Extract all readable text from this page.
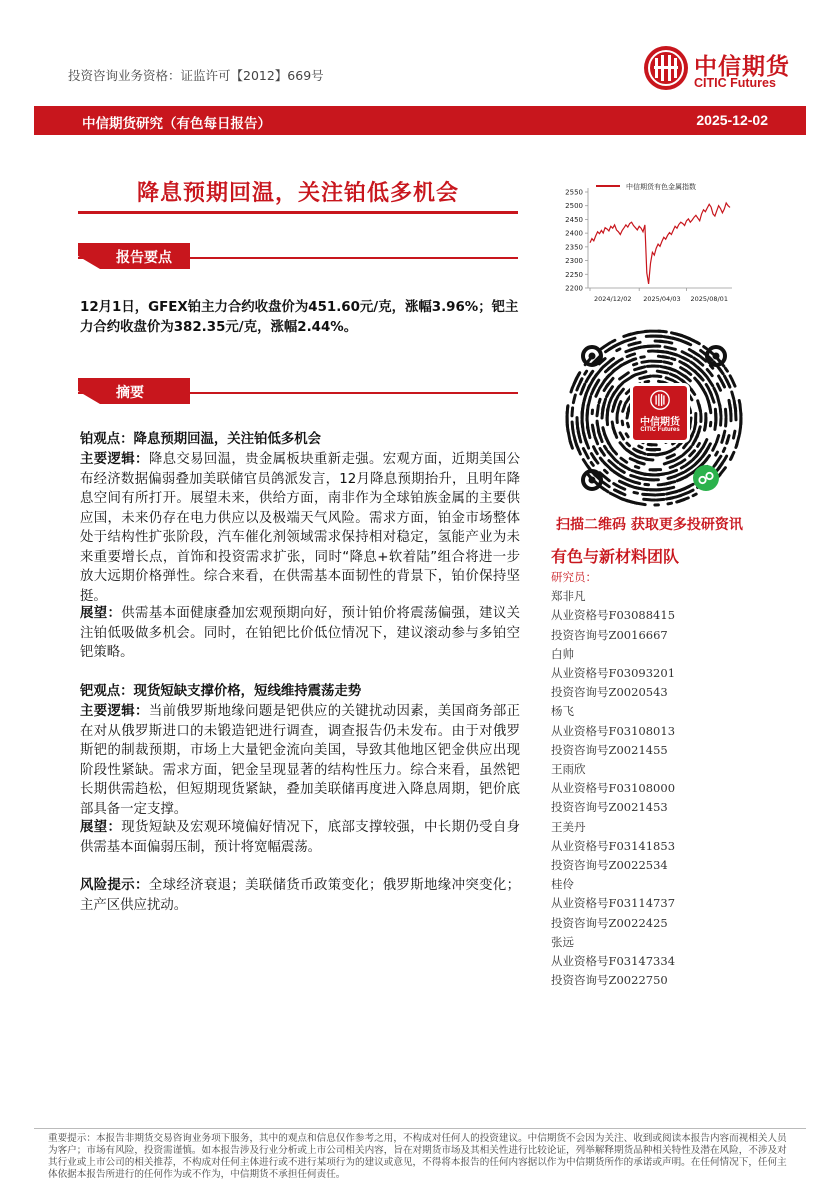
投资咨询业务资格：证监许可【2012】669号	中信期货
CITIC Futures
中信期货研究（有色每日报告）	2025-12-02
降息预期回温，关注铂低多机会
报告要点
12月1日，GFEX铂主力合约收盘价为451.60元/克，涨幅3.96%；钯主力合约收盘价为382.35元/克，涨幅2.44%。
摘要
铂观点：降息预期回温，关注铂低多机会
主要逻辑：降息交易回温，贵金属板块重新走强。宏观方面，近期美国公布经济数据偏弱叠加美联储官员鸽派发言，12月降息预期抬升，且明年降息空间有所打开。展望未来，供给方面，南非作为全球铂族金属的主要供应国，未来仍存在电力供应以及极端天气风险。需求方面，铂金市场整体处于结构性扩张阶段，汽车催化剂领域需求保持相对稳定，氢能产业为未来重要增长点，首饰和投资需求扩张，同时“降息+软着陆”组合将进一步放大远期价格弹性。综合来看，在供需基本面韧性的背景下，铂价保持坚挺。
展望：供需基本面健康叠加宏观预期向好，预计铂价将震荡偏强，建议关注铂低吸做多机会。同时，在铂钯比价低位情况下，建议滚动参与多铂空钯策略。
钯观点：现货短缺支撑价格，短线维持震荡走势
主要逻辑：当前俄罗斯地缘问题是钯供应的关键扰动因素，美国商务部正在对从俄罗斯进口的未锻造钯进行调查，调查报告仍未发布。由于对俄罗斯钯的制裁预期，市场上大量钯金流向美国，导致其他地区钯金供应出现阶段性紧缺。需求方面，钯金呈现显著的结构性压力。综合来看，虽然钯长期供需趋松，但短期现货紧缺，叠加美联储再度进入降息周期，钯价底部具备一定支撑。
展望：现货短缺及宏观环境偏好情况下，底部支撑较强，中长期仍受自身供需基本面偏弱压制，预计将宽幅震荡。
风险提示：全球经济衰退；美联储货币政策变化；俄罗斯地缘冲突变化；主产区供应扰动。
中信期货有色金属指数
2200
2250
2300
2350
2400
2450
2500
2550
2024/12/02 2025/04/03 2025/08/01
中信期货
CITIC Futures
扫描二维码 获取更多投研资讯
有色与新材料团队
研究员：
郑非凡
从业资格号F03088415
投资咨询号Z0016667
白帅
从业资格号F03093201
投资咨询号Z0020543
杨飞
从业资格号F03108013
投资咨询号Z0021455
王雨欣
从业资格号F03108000
投资咨询号Z0021453
王美丹
从业资格号F03141853
投资咨询号Z0022534
桂伶
从业资格号F03114737
投资咨询号Z0022425
张远
从业资格号F03147334
投资咨询号Z0022750
重要提示：本报告非期货交易咨询业务项下服务，其中的观点和信息仅作参考之用，不构成对任何人的投资建议。中信期货不会因为关注、收到或阅读本报告内容而视相关人员为客户；市场有风险，投资需谨慎。如本报告涉及行业分析或上市公司相关内容，旨在对期货市场及其相关性进行比较论证，列举解释期货品种相关特性及潜在风险，不涉及对其行业或上市公司的相关推荐，不构成对任何主体进行或不进行某项行为的建议或意见，不得将本报告的任何内容据以作为中信期货所作的承诺或声明。在任何情况下，任何主体依据本报告所进行的任何作为或不作为，中信期货不承担任何责任。
